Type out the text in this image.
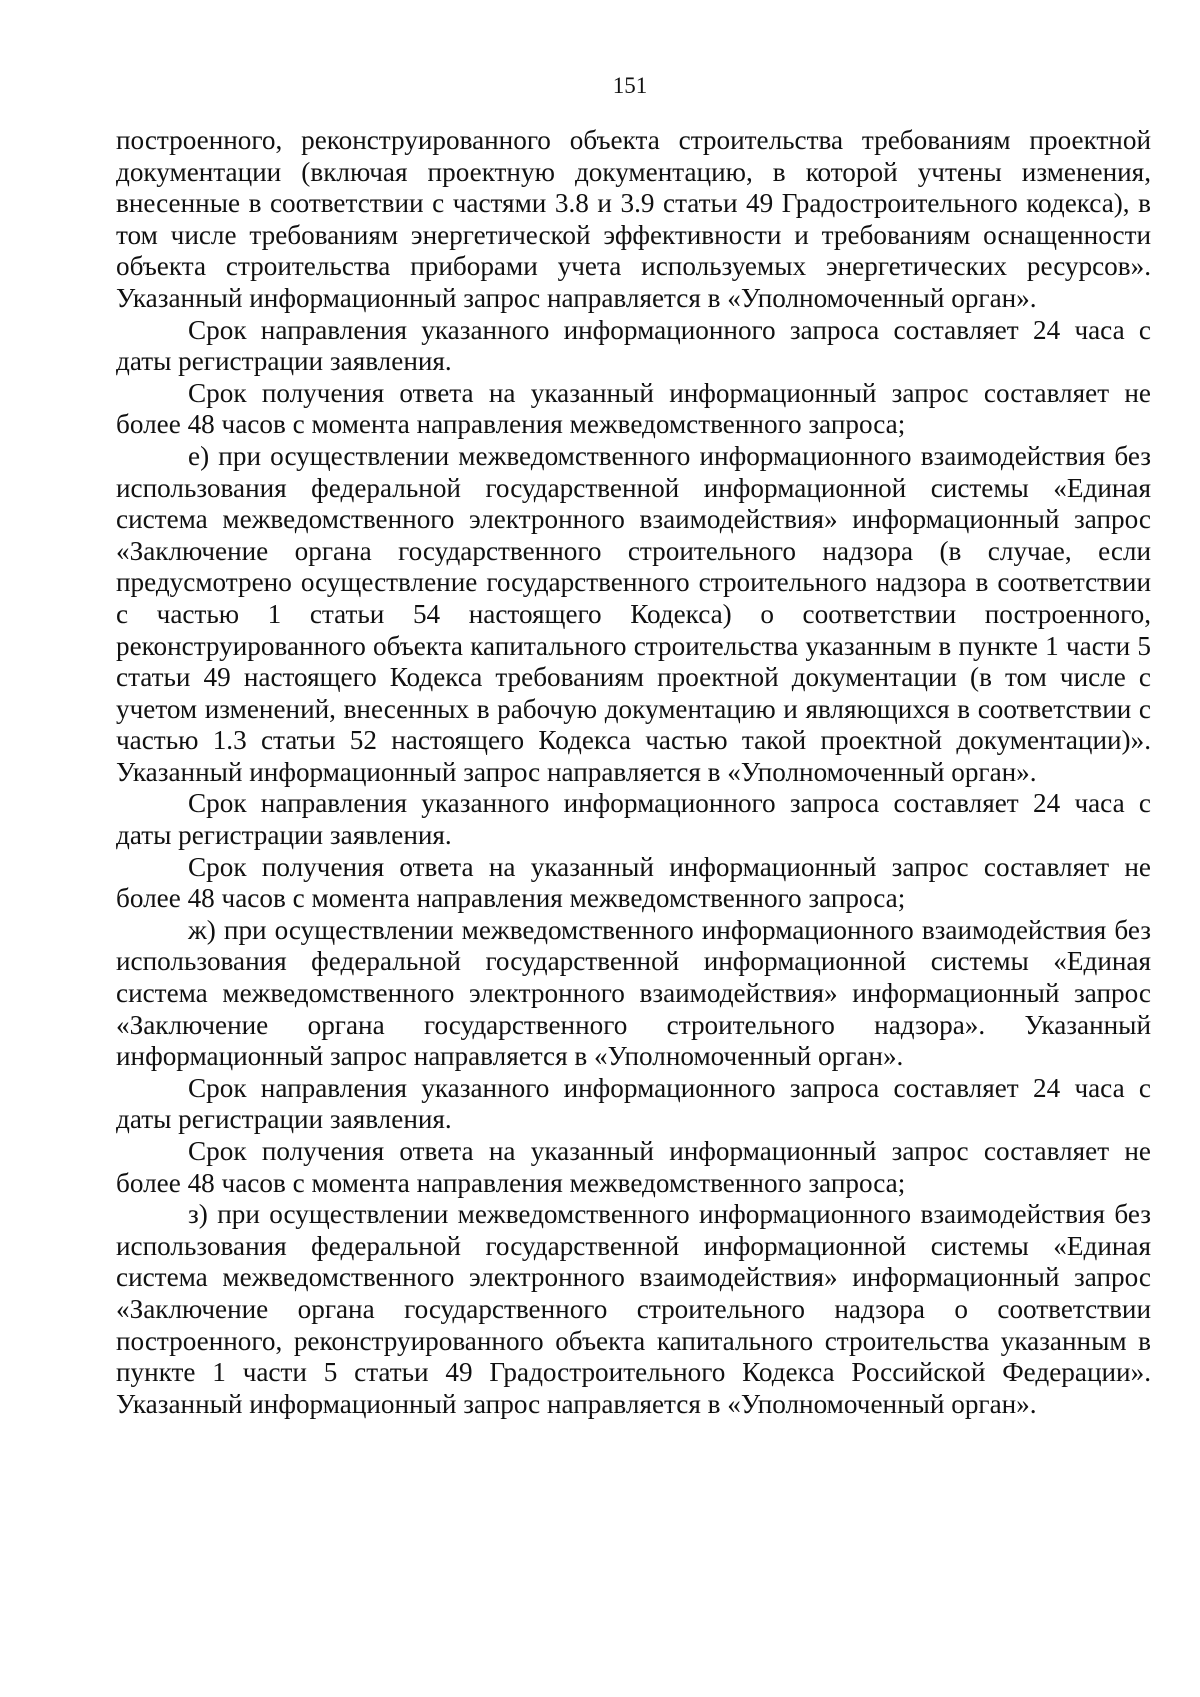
151

построенного, реконструированного объекта строительства требованиям проектной документации (включая проектную документацию, в которой учтены изменения, внесенные в соответствии с частями 3.8 и 3.9 статьи 49 Градостроительного кодекса), в том числе требованиям энергетической эффективности и требованиям оснащенности объекта строительства приборами учета используемых энергетических ресурсов». Указанный информационный запрос направляется в «Уполномоченный орган».

Срок направления указанного информационного запроса составляет 24 часа с даты регистрации заявления.

Срок получения ответа на указанный информационный запрос составляет не более 48 часов с момента направления межведомственного запроса;

е) при осуществлении межведомственного информационного взаимодействия без использования федеральной государственной информационной системы «Единая система межведомственного электронного взаимодействия» информационный запрос «Заключение органа государственного строительного надзора (в случае, если предусмотрено осуществление государственного строительного надзора в соответствии с частью 1 статьи 54 настоящего Кодекса) о соответствии построенного, реконструированного объекта капитального строительства указанным в пункте 1 части 5 статьи 49 настоящего Кодекса требованиям проектной документации (в том числе с учетом изменений, внесенных в рабочую документацию и являющихся в соответствии с частью 1.3 статьи 52 настоящего Кодекса частью такой проектной документации)». Указанный информационный запрос направляется в «Уполномоченный орган».

Срок направления указанного информационного запроса составляет 24 часа с даты регистрации заявления.

Срок получения ответа на указанный информационный запрос составляет не более 48 часов с момента направления межведомственного запроса;

ж) при осуществлении межведомственного информационного взаимодействия без использования федеральной государственной информационной системы «Единая система межведомственного электронного взаимодействия» информационный запрос «Заключение органа государственного строительного надзора». Указанный информационный запрос направляется в «Уполномоченный орган».

Срок направления указанного информационного запроса составляет 24 часа с даты регистрации заявления.

Срок получения ответа на указанный информационный запрос составляет не более 48 часов с момента направления межведомственного запроса;

з) при осуществлении межведомственного информационного взаимодействия без использования федеральной государственной информационной системы «Единая система межведомственного электронного взаимодействия» информационный запрос «Заключение органа государственного строительного надзора о соответствии построенного, реконструированного объекта капитального строительства указанным в пункте 1 части 5 статьи 49 Градостроительного Кодекса Российской Федерации». Указанный информационный запрос направляется в «Уполномоченный орган».
